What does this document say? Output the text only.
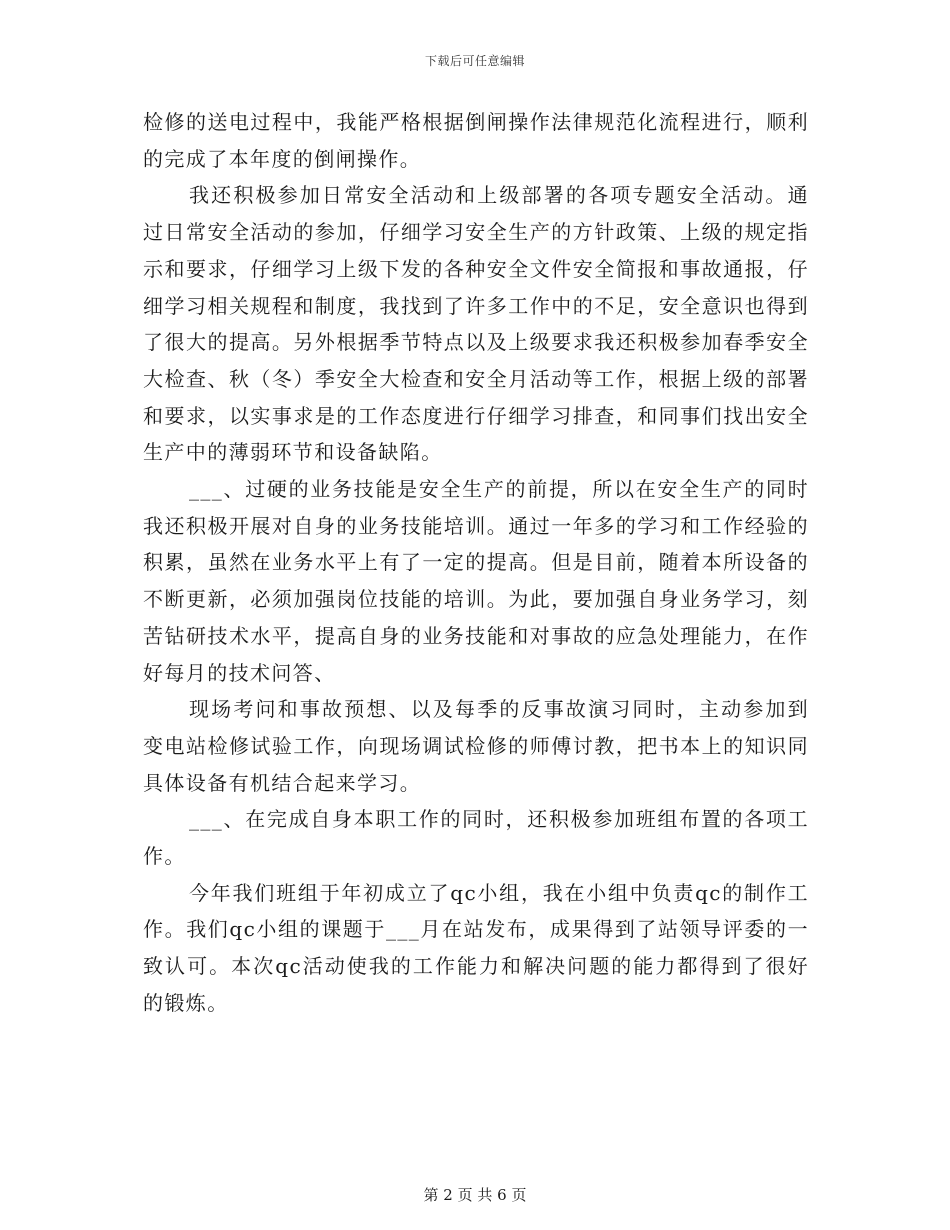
下载后可任意编辑

检修的送电过程中，我能严格根据倒闸操作法律规范化流程进行，顺利的完成了本年度的倒闸操作。

我还积极参加日常安全活动和上级部署的各项专题安全活动。通过日常安全活动的参加，仔细学习安全生产的方针政策、上级的规定指示和要求，仔细学习上级下发的各种安全文件安全简报和事故通报，仔细学习相关规程和制度，我找到了许多工作中的不足，安全意识也得到了很大的提高。另外根据季节特点以及上级要求我还积极参加春季安全大检查、秋（冬）季安全大检查和安全月活动等工作，根据上级的部署和要求，以实事求是的工作态度进行仔细学习排查，和同事们找出安全生产中的薄弱环节和设备缺陷。

___、过硬的业务技能是安全生产的前提，所以在安全生产的同时我还积极开展对自身的业务技能培训。通过一年多的学习和工作经验的积累，虽然在业务水平上有了一定的提高。但是目前，随着本所设备的不断更新，必须加强岗位技能的培训。为此，要加强自身业务学习，刻苦钻研技术水平，提高自身的业务技能和对事故的应急处理能力，在作好每月的技术问答、

现场考问和事故预想、以及每季的反事故演习同时，主动参加到变电站检修试验工作，向现场调试检修的师傅讨教，把书本上的知识同具体设备有机结合起来学习。

___、在完成自身本职工作的同时，还积极参加班组布置的各项工作。

今年我们班组于年初成立了qc小组，我在小组中负责qc的制作工作。我们qc小组的课题于___月在站发布，成果得到了站领导评委的一致认可。本次qc活动使我的工作能力和解决问题的能力都得到了很好的锻炼。

第 2 页 共 6 页
